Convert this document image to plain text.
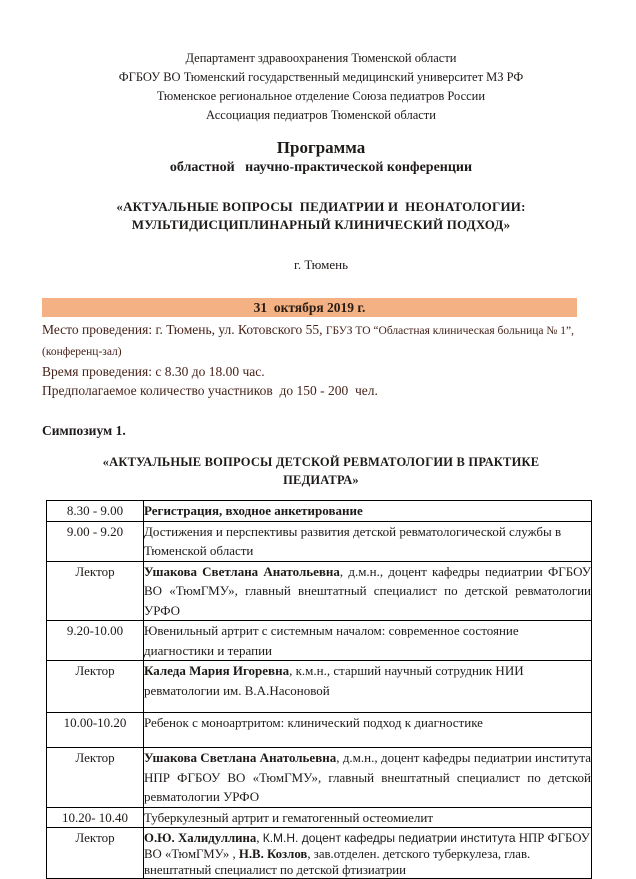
Департамент здравоохранения Тюменской области
ФГБОУ ВО Тюменский государственный медицинский университет МЗ РФ
Тюменское региональное отделение Союза педиатров России
Ассоциация педиатров Тюменской области
Программа
областной   научно-практической конференции
«АКТУАЛЬНЫЕ ВОПРОСЫ  ПЕДИАТРИИ И  НЕОНАТОЛОГИИ:
МУЛЬТИДИСЦИПЛИНАРНЫЙ КЛИНИЧЕСКИЙ ПОДХОД»
г. Тюмень
31  октября 2019 г.
Место проведения: г. Тюмень, ул. Котовского 55, ГБУЗ ТО “Областная клиническая больница № 1”, (конференц-зал)
Время проведения: с 8.30 до 18.00 час.
Предполагаемое количество участников  до 150 - 200  чел.
Симпозиум 1.
«АКТУАЛЬНЫЕ ВОПРОСЫ ДЕТСКОЙ РЕВМАТОЛОГИИ В ПРАКТИКЕ ПЕДИАТРА»
8.30 - 9.00	Регистрация, входное анкетирование
9.00 - 9.20	Достижения и перспективы развития детской ревматологической службы в Тюменской области
Лектор	Ушакова Светлана Анатольевна, д.м.н., доцент кафедры педиатрии ФГБОУ ВО «ТюмГМУ», главный внештатный специалист по детской ревматологии УРФО
9.20-10.00	Ювенильный артрит с системным началом: современное состояние диагностики и терапии
Лектор	Каледа Мария Игоревна, к.м.н., старший научный сотрудник НИИ ревматологии им. В.А.Насоновой
10.00-10.20	Ребенок с моноартритом: клинический подход к диагностике
Лектор	Ушакова Светлана Анатольевна, д.м.н., доцент кафедры педиатрии института НПР ФГБОУ ВО «ТюмГМУ», главный внештатный специалист по детской ревматологии УРФО
10.20- 10.40	Туберкулезный артрит и гематогенный остеомиелит
Лектор	О.Ю. Халидуллина, К.М.Н. доцент кафедры педиатрии института НПР ФГБОУ ВО «ТюмГМУ» , Н.В. Козлов, зав.отделен. детского туберкулеза, глав. внештатный специалист по детской фтизиатрии
